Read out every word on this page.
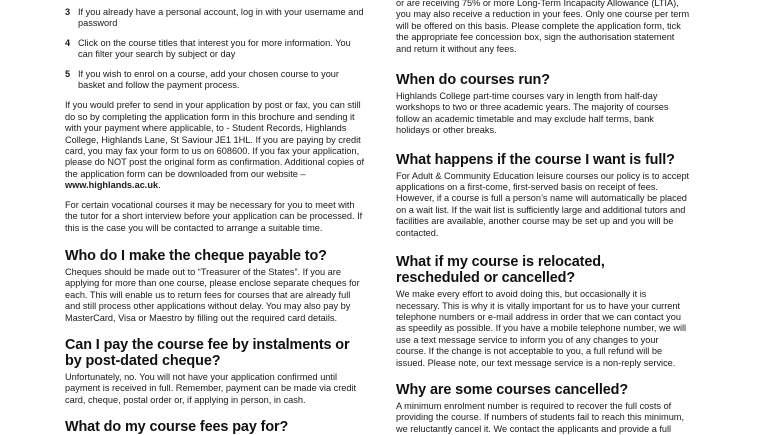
3 If you already have a personal account, log in with your username and password
4 Click on the course titles that interest you for more information. You can filter your search by subject or day
5 If you wish to enrol on a course, add your chosen course to your basket and follow the payment process.

If you would prefer to send in your application by post or fax, you can still do so by completing the application form in this brochure and sending it with your payment where applicable, to - Student Records, Highlands College, Highlands Lane, St Saviour JE1 1HL. If you are paying by credit card, you may fax your form to us on 608600. If you fax your application, please do NOT post the original form as confirmation. Additional copies of the application form can be downloaded from our website – www.highlands.ac.uk.

For certain vocational courses it may be necessary for you to meet with the tutor for a short interview before your application can be processed. If this is the case you will be contacted to arrange a suitable time.

Who do I make the cheque payable to?

Cheques should be made out to “Treasurer of the States”. If you are applying for more than one course, please enclose separate cheques for each. This will enable us to return fees for courses that are already full and still process other applications without delay. You may also pay by MasterCard, Visa or Maestro by filling out the required card details.

Can I pay the course fee by instalments or by post-dated cheque?

Unfortunately, no. You will not have your application confirmed until payment is received in full. Remember, payment can be made via credit card, cheque, postal order or, if applying in person, in cash.

What do my course fees pay for?

or are receiving 75% or more Long-Term Incapacity Allowance (LTIA), you may also receive a reduction in your fees. Only one course per term will be offered on this basis. Please complete the application form, tick the appropriate fee concession box, sign the authorisation statement and return it without any fees.

When do courses run?

Highlands College part-time courses vary in length from half-day workshops to two or three academic years. The majority of courses follow an academic timetable and may exclude half terms, bank holidays or other breaks.

What happens if the course I want is full?

For Adult & Community Education leisure courses our policy is to accept applications on a first-come, first-served basis on receipt of fees. However, if a course is full a person’s name will automatically be placed on a wait list. If the wait list is sufficiently large and additional tutors and facilities are available, another course may be set up and you will be contacted.

What if my course is relocated, rescheduled or cancelled?

We make every effort to avoid doing this, but occasionally it is necessary. This is why it is vitally important for us to have your current telephone numbers or e-mail address in order that we can contact you as speedily as possible. If you have a mobile telephone number, we will use a text message service to inform you of any changes to your course. If the change is not acceptable to you, a full refund will be issued. Please note, our text message service is a non-reply service.

Why are some courses cancelled?

A minimum enrolment number is required to recover the full costs of providing the course. If numbers of students fail to reach this minimum, we reluctantly cancel it. We contact the applicants and provide a full
